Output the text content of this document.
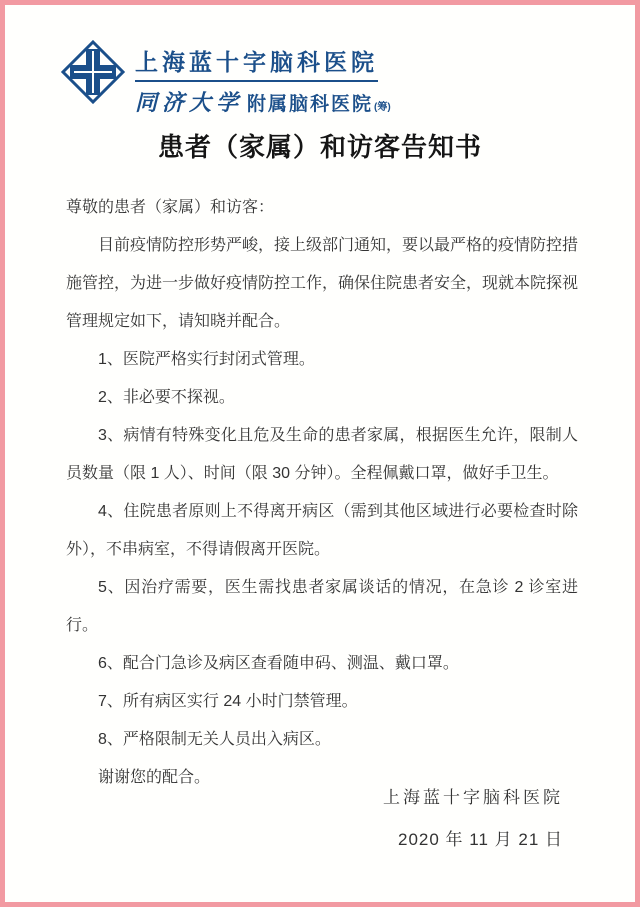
上海蓝十字脑科医院
同济大学 附属脑科医院 (筹)
患者（家属）和访客告知书

尊敬的患者（家属）和访客：

目前疫情防控形势严峻，接上级部门通知，要以最严格的疫情防控措施管控，为进一步做好疫情防控工作，确保住院患者安全，现就本院探视管理规定如下，请知晓并配合。

1、医院严格实行封闭式管理。

2、非必要不探视。

3、病情有特殊变化且危及生命的患者家属，根据医生允许，限制人员数量（限 1 人）、时间（限 30 分钟）。全程佩戴口罩，做好手卫生。

4、住院患者原则上不得离开病区（需到其他区域进行必要检查时除外），不串病室，不得请假离开医院。

5、因治疗需要，医生需找患者家属谈话的情况，在急诊 2 诊室进行。

6、配合门急诊及病区查看随申码、测温、戴口罩。

7、所有病区实行 24 小时门禁管理。

8、严格限制无关人员出入病区。

谢谢您的配合。

上海蓝十字脑科医院
2020 年 11 月 21 日
